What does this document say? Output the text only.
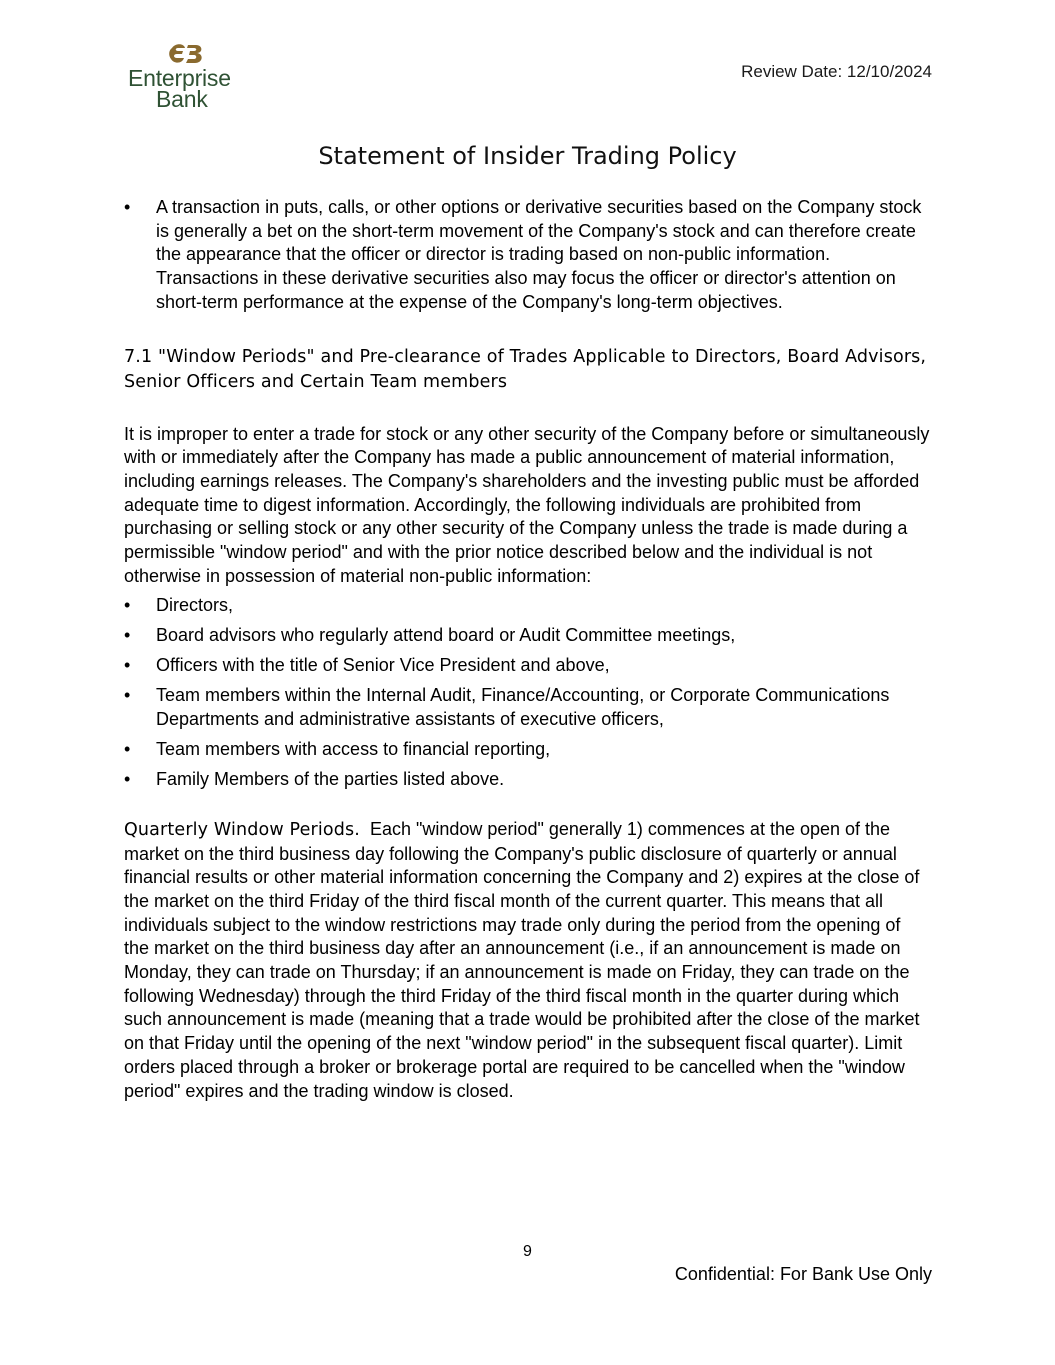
Enterprise
Bank
Review Date: 12/10/2024
Statement of Insider Trading Policy
• A transaction in puts, calls, or other options or derivative securities based on the Company stock is generally a bet on the short-term movement of the Company's stock and can therefore create the appearance that the officer or director is trading based on non-public information. Transactions in these derivative securities also may focus the officer or director's attention on short-term performance at the expense of the Company's long-term objectives.
7.1 "Window Periods" and Pre-clearance of Trades Applicable to Directors, Board Advisors, Senior Officers and Certain Team members

It is improper to enter a trade for stock or any other security of the Company before or simultaneously with or immediately after the Company has made a public announcement of material information, including earnings releases. The Company's shareholders and the investing public must be afforded adequate time to digest information. Accordingly, the following individuals are prohibited from purchasing or selling stock or any other security of the Company unless the trade is made during a permissible "window period" and with the prior notice described below and the individual is not otherwise in possession of material non-public information:

• Directors,
• Board advisors who regularly attend board or Audit Committee meetings,
• Officers with the title of Senior Vice President and above,
• Team members within the Internal Audit, Finance/Accounting, or Corporate Communications Departments and administrative assistants of executive officers,
• Team members with access to financial reporting,
• Family Members of the parties listed above.

Quarterly Window Periods. Each "window period" generally 1) commences at the open of the market on the third business day following the Company's public disclosure of quarterly or annual financial results or other material information concerning the Company and 2) expires at the close of the market on the third Friday of the third fiscal month of the current quarter. This means that all individuals subject to the window restrictions may trade only during the period from the opening of the market on the third business day after an announcement (i.e., if an announcement is made on Monday, they can trade on Thursday; if an announcement is made on Friday, they can trade on the following Wednesday) through the third Friday of the third fiscal month in the quarter during which such announcement is made (meaning that a trade would be prohibited after the close of the market on that Friday until the opening of the next "window period" in the subsequent fiscal quarter). Limit orders placed through a broker or brokerage portal are required to be cancelled when the "window period" expires and the trading window is closed.

9
Confidential: For Bank Use Only
